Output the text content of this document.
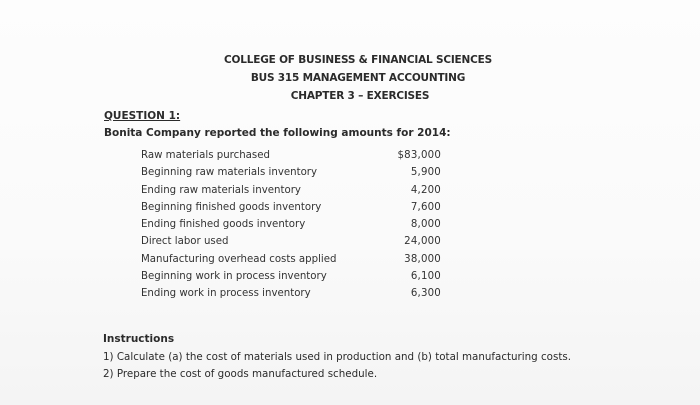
COLLEGE OF BUSINESS & FINANCIAL SCIENCES
BUS 315 MANAGEMENT ACCOUNTING
CHAPTER 3 – EXERCISES
QUESTION 1:
Bonita Company reported the following amounts for 2014:
Raw materials purchased	$83,000
Beginning raw materials inventory	5,900
Ending raw materials inventory	4,200
Beginning finished goods inventory	7,600
Ending finished goods inventory	8,000
Direct labor used	24,000
Manufacturing overhead costs applied	38,000
Beginning work in process inventory	6,100
Ending work in process inventory	6,300
Instructions
1) Calculate (a) the cost of materials used in production and (b) total manufacturing costs.
2) Prepare the cost of goods manufactured schedule.
